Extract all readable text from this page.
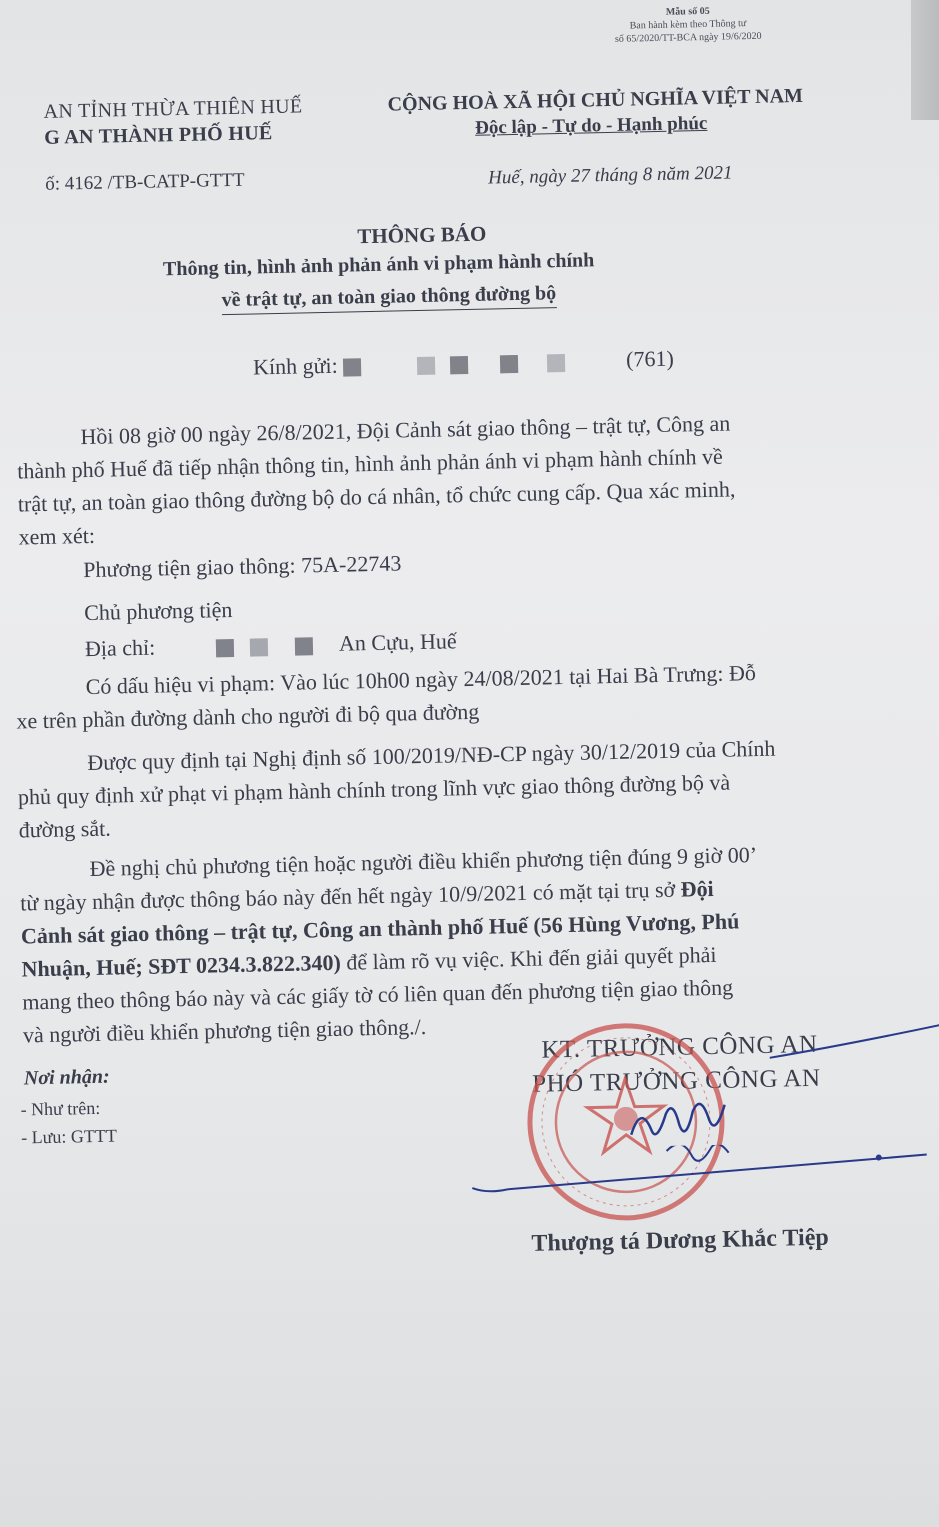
Mẫu số 05
Ban hành kèm theo Thông tư
số 65/2020/TT-BCA ngày 19/6/2020
AN TỈNH THỪA THIÊN HUẾ
G AN THÀNH PHỐ HUẾ
ố: 4162 /TB-CATP-GTTT
CỘNG HOÀ XÃ HỘI CHỦ NGHĨA VIỆT NAM
Độc lập - Tự do - Hạnh phúc
Huế, ngày 27 tháng 8 năm 2021
THÔNG BÁO
Thông tin, hình ảnh phản ánh vi phạm hành chính
về trật tự, an toàn giao thông đường bộ
Kính gửi:	(761)
Hồi 08 giờ 00 ngày 26/8/2021, Đội Cảnh sát giao thông – trật tự, Công an
thành phố Huế đã tiếp nhận thông tin, hình ảnh phản ánh vi phạm hành chính về
trật tự, an toàn giao thông đường bộ do cá nhân, tổ chức cung cấp. Qua xác minh,
xem xét:
Phương tiện giao thông: 75A-22743
Chủ phương tiện
Địa chỉ:	An Cựu, Huế
Có dấu hiệu vi phạm: Vào lúc 10h00 ngày 24/08/2021 tại Hai Bà Trưng: Đỗ
xe trên phần đường dành cho người đi bộ qua đường
Được quy định tại Nghị định số 100/2019/NĐ-CP ngày 30/12/2019 của Chính
phủ quy định xử phạt vi phạm hành chính trong lĩnh vực giao thông đường bộ và
đường sắt.
Đề nghị chủ phương tiện hoặc người điều khiển phương tiện đúng 9 giờ 00’
từ ngày nhận được thông báo này đến hết ngày 10/9/2021 có mặt tại trụ sở Đội
Cảnh sát giao thông – trật tự, Công an thành phố Huế (56 Hùng Vương, Phú
Nhuận, Huế; SĐT 0234.3.822.340) để làm rõ vụ việc. Khi đến giải quyết phải
mang theo thông báo này và các giấy tờ có liên quan đến phương tiện giao thông
và người điều khiển phương tiện giao thông./.
Nơi nhận:
- Như trên:
- Lưu: GTTT
KT. TRƯỞNG CÔNG AN
PHÓ TRƯỞNG CÔNG AN
Thượng tá Dương Khắc Tiệp
